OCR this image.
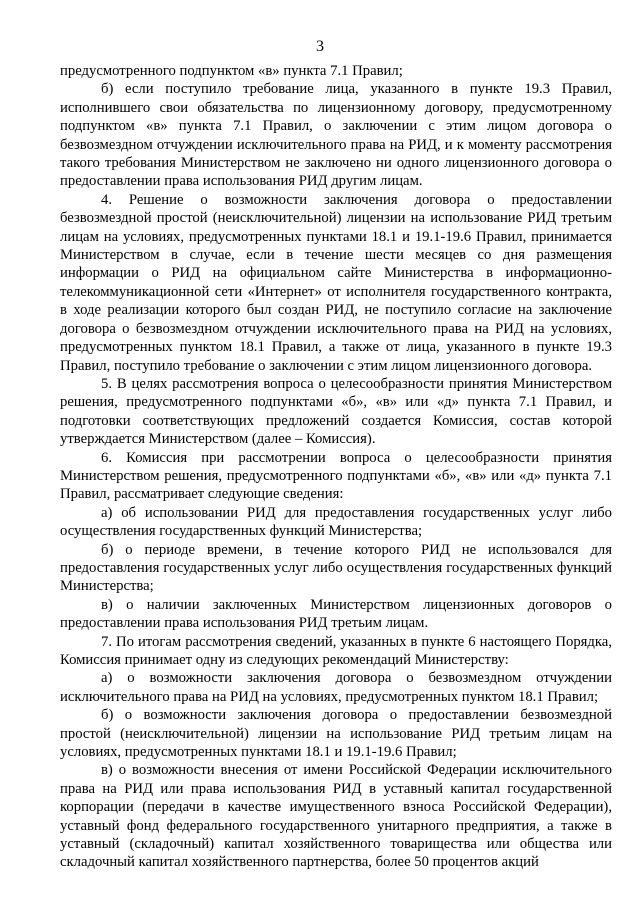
3

предусмотренного подпунктом «в» пункта 7.1 Правил;

б) если поступило требование лица, указанного в пункте 19.3 Правил, исполнившего свои обязательства по лицензионному договору, предусмотренному подпунктом «в» пункта 7.1 Правил, о заключении с этим лицом договора о безвозмездном отчуждении исключительного права на РИД, и к моменту рассмотрения такого требования Министерством не заключено ни одного лицензионного договора о предоставлении права использования РИД другим лицам.

4. Решение о возможности заключения договора о предоставлении безвозмездной простой (неисключительной) лицензии на использование РИД третьим лицам на условиях, предусмотренных пунктами 18.1 и 19.1-19.6 Правил, принимается Министерством в случае, если в течение шести месяцев со дня размещения информации о РИД на официальном сайте Министерства в информационно-телекоммуникационной сети «Интернет» от исполнителя государственного контракта, в ходе реализации которого был создан РИД, не поступило согласие на заключение договора о безвозмездном отчуждении исключительного права на РИД на условиях, предусмотренных пунктом 18.1 Правил, а также от лица, указанного в пункте 19.3 Правил, поступило требование о заключении с этим лицом лицензионного договора.

5. В целях рассмотрения вопроса о целесообразности принятия Министерством решения, предусмотренного подпунктами «б», «в» или «д» пункта 7.1 Правил, и подготовки соответствующих предложений создается Комиссия, состав которой утверждается Министерством (далее – Комиссия).

6. Комиссия при рассмотрении вопроса о целесообразности принятия Министерством решения, предусмотренного подпунктами «б», «в» или «д» пункта 7.1 Правил, рассматривает следующие сведения:

а) об использовании РИД для предоставления государственных услуг либо осуществления государственных функций Министерства;

б) о периоде времени, в течение которого РИД не использовался для предоставления государственных услуг либо осуществления государственных функций Министерства;

в) о наличии заключенных Министерством лицензионных договоров о предоставлении права использования РИД третьим лицам.

7. По итогам рассмотрения сведений, указанных в пункте 6 настоящего Порядка, Комиссия принимает одну из следующих рекомендаций Министерству:

а) о возможности заключения договора о безвозмездном отчуждении исключительного права на РИД на условиях, предусмотренных пунктом 18.1 Правил;

б) о возможности заключения договора о предоставлении безвозмездной простой (неисключительной) лицензии на использование РИД третьим лицам на условиях, предусмотренных пунктами 18.1 и 19.1-19.6 Правил;

в) о возможности внесения от имени Российской Федерации исключительного права на РИД или права использования РИД в уставный капитал государственной корпорации (передачи в качестве имущественного взноса Российской Федерации), уставный фонд федерального государственного унитарного предприятия, а также в уставный (складочный) капитал хозяйственного товарищества или общества или складочный капитал хозяйственного партнерства, более 50 процентов акций
